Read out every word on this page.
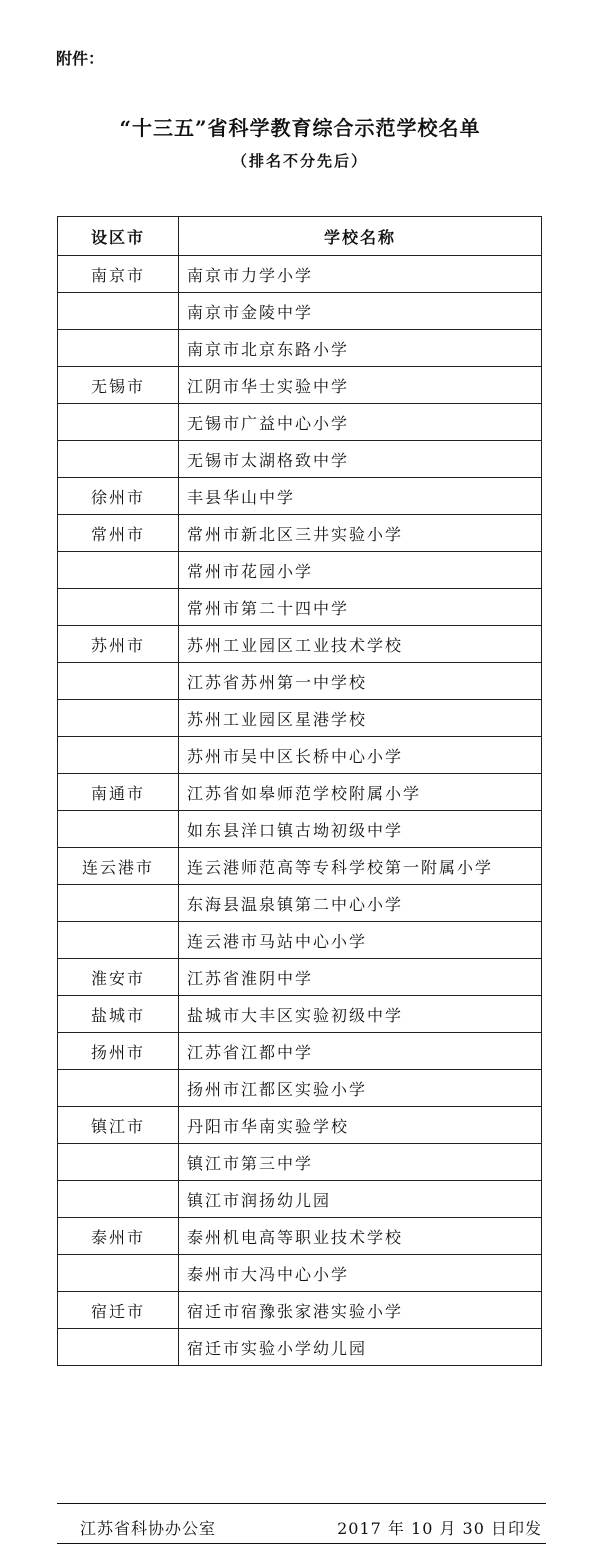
附件：
“十三五”省科学教育综合示范学校名单
（排名不分先后）
设区市	学校名称
南京市	南京市力学小学
	南京市金陵中学
	南京市北京东路小学
无锡市	江阴市华士实验中学
	无锡市广益中心小学
	无锡市太湖格致中学
徐州市	丰县华山中学
常州市	常州市新北区三井实验小学
	常州市花园小学
	常州市第二十四中学
苏州市	苏州工业园区工业技术学校
	江苏省苏州第一中学校
	苏州工业园区星港学校
	苏州市吴中区长桥中心小学
南通市	江苏省如皋师范学校附属小学
	如东县洋口镇古坳初级中学
连云港市	连云港师范高等专科学校第一附属小学
	东海县温泉镇第二中心小学
	连云港市马站中心小学
淮安市	江苏省淮阴中学
盐城市	盐城市大丰区实验初级中学
扬州市	江苏省江都中学
	扬州市江都区实验小学
镇江市	丹阳市华南实验学校
	镇江市第三中学
	镇江市润扬幼儿园
泰州市	泰州机电高等职业技术学校
	泰州市大冯中心小学
宿迁市	宿迁市宿豫张家港实验小学
	宿迁市实验小学幼儿园
江苏省科协办公室	2017 年 10 月 30 日印发
